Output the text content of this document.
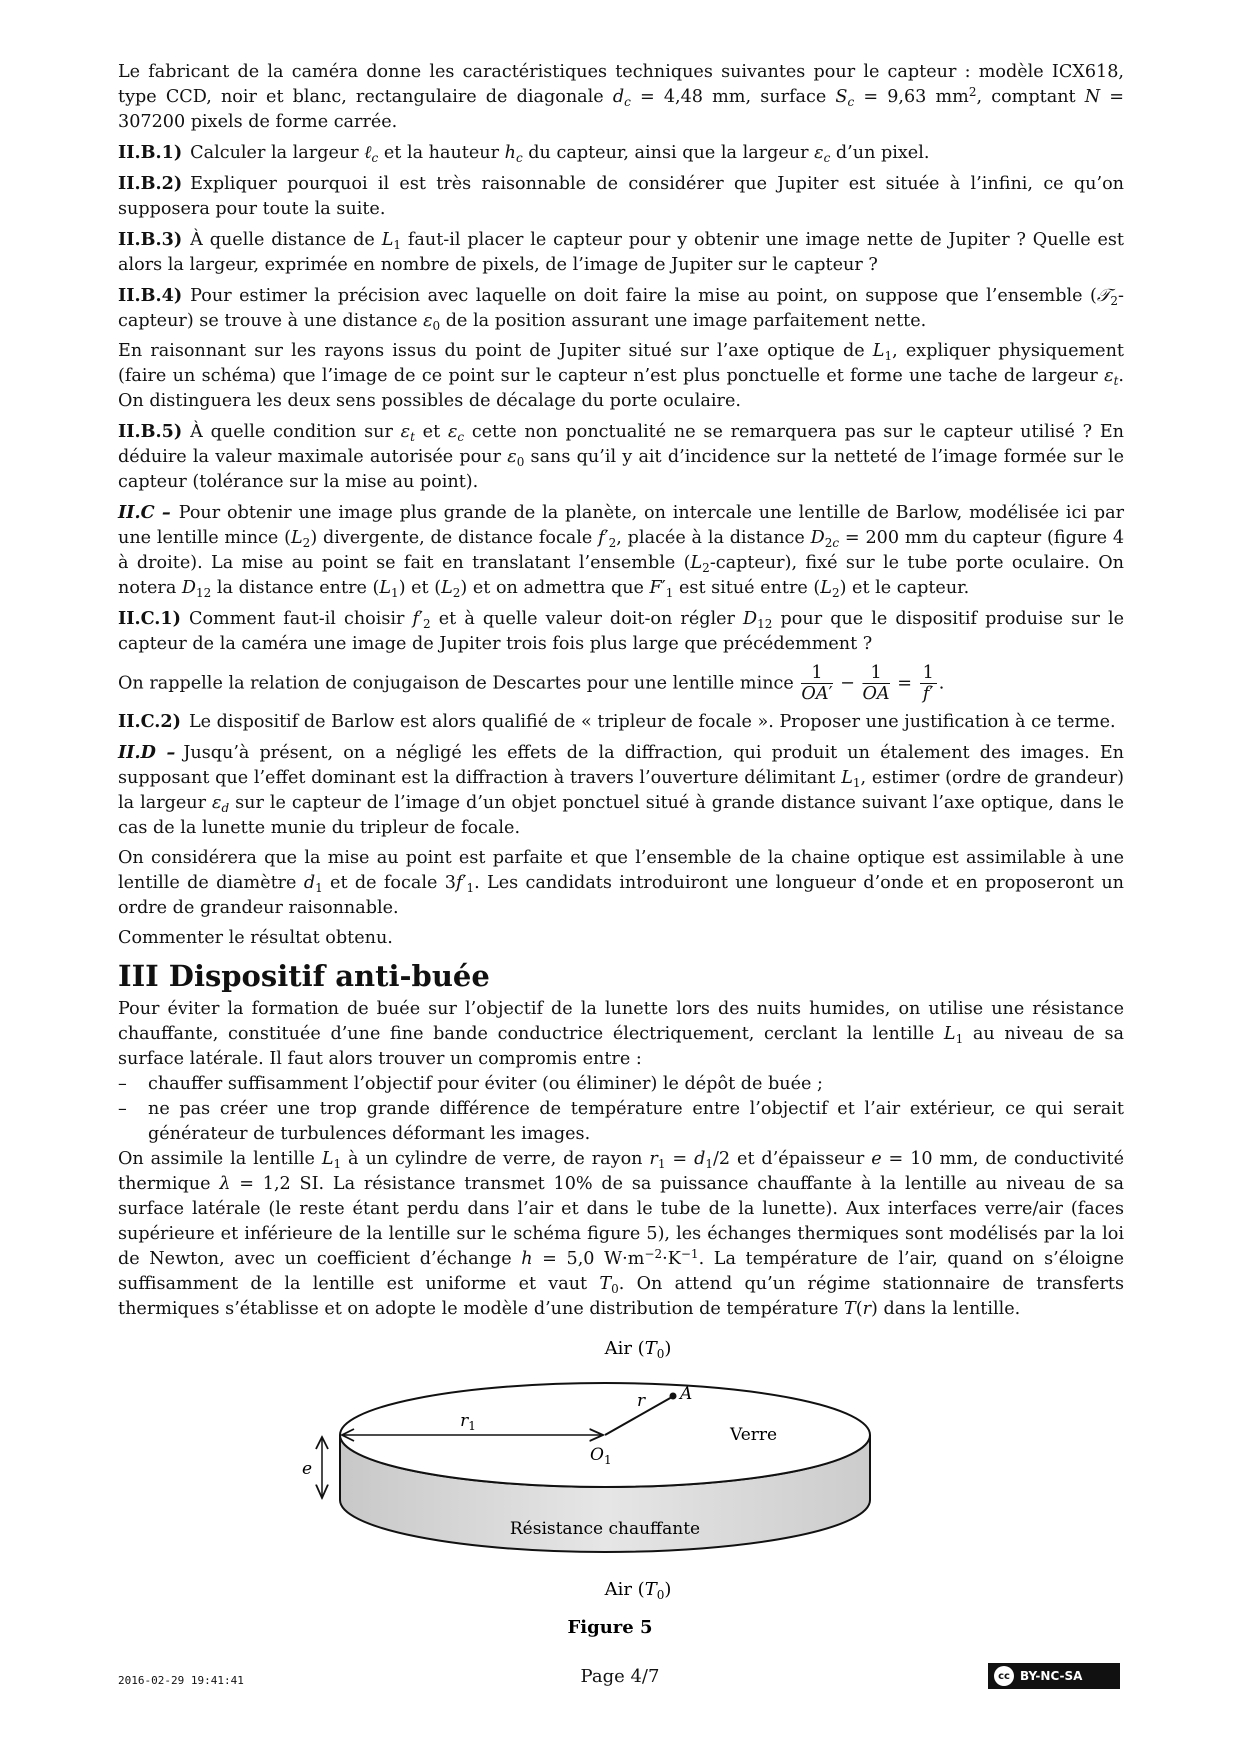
Le fabricant de la caméra donne les caractéristiques techniques suivantes pour le capteur : modèle ICX618, type CCD, noir et blanc, rectangulaire de diagonale $d_c = 4,48$ mm, surface $S_c = 9,63$ $mm^2$, comptant N = 307200 pixels de forme carrée.

II.B.1) Calculer la largeur ℓ$_c$ et la hauteur $h_c$ du capteur, ainsi que la largeur $\varepsilon_c$ d’un pixel.

II.B.2) Expliquer pourquoi il est très raisonnable de considérer que Jupiter est située à l’infini, ce qu’on supposera pour toute la suite.

II.B.3) À quelle distance de $L_1$ faut-il placer le capteur pour y obtenir une image nette de Jupiter ? Quelle est alors la largeur, exprimée en nombre de pixels, de l’image de Jupiter sur le capteur ?

II.B.4) Pour estimer la précision avec laquelle on doit faire la mise au point, on suppose que l’ensemble (𝒯$_2$-capteur) se trouve à une distance $\varepsilon_0$ de la position assurant une image parfaitement nette.

En raisonnant sur les rayons issus du point de Jupiter situé sur l’axe optique de $L_1$, expliquer physiquement (faire un schéma) que l’image de ce point sur le capteur n’est plus ponctuelle et forme une tache de largeur $\varepsilon_t$. On distinguera les deux sens possibles de décalage du porte oculaire.

II.B.5) À quelle condition sur $\varepsilon_t$ et $\varepsilon_c$ cette non ponctualité ne se remarquera pas sur le capteur utilisé ? En déduire la valeur maximale autorisée pour $\varepsilon_0$ sans qu’il y ait d’incidence sur la netteté de l’image formée sur le capteur (tolérance sur la mise au point).

II.C – Pour obtenir une image plus grande de la planète, on intercale une lentille de Barlow, modélisée ici par une lentille mince $(L_2)$ divergente, de distance focale $f'_2$, placée à la distance $D_{2c} = 200$ mm du capteur (figure 4 à droite). La mise au point se fait en translatant l’ensemble $(L_2-capteur)$, fixé sur le tube porte oculaire. On notera $D_{12}$ la distance entre $(L_1)$ et $(L_2)$ et on admettra que $F'_1$ est situé entre $(L_2)$ et le capteur.

II.C.1) Comment faut-il choisir $f'_2$ et à quelle valeur doit-on régler $D_{12}$ pour que le dispositif produise sur le capteur de la caméra une image de Jupiter trois fois plus large que précédemment ?

On rappelle la relation de conjugaison de Descartes pour une lentille mince $\frac{1}{OA'} - \frac{1}{OA} = \frac{1}{f'}$ .

II.C.2) Le dispositif de Barlow est alors qualifié de « tripleur de focale ». Proposer une justification à ce terme.

II.D – Jusqu’à présent, on a négligé les effets de la diffraction, qui produit un étalement des images. En supposant que l’effet dominant est la diffraction à travers l’ouverture délimitant $L_1$, estimer (ordre de grandeur) la largeur $\varepsilon_d$ sur le capteur de l’image d’un objet ponctuel situé à grande distance suivant l’axe optique, dans le cas de la lunette munie du tripleur de focale.

On considérera que la mise au point est parfaite et que l’ensemble de la chaine optique est assimilable à une lentille de diamètre $d_1$ et de focale $3f'_1$. Les candidats introduiront une longueur d’onde et en proposeront un ordre de grandeur raisonnable.

Commenter le résultat obtenu.

III Dispositif anti-buée

Pour éviter la formation de buée sur l’objectif de la lunette lors des nuits humides, on utilise une résistance chauffante, constituée d’une fine bande conductrice électriquement, cerclant la lentille $L_1$ au niveau de sa surface latérale. Il faut alors trouver un compromis entre :

– chauffer suffisamment l’objectif pour éviter (ou éliminer) le dépôt de buée ;

– ne pas créer une trop grande différence de température entre l’objectif et l’air extérieur, ce qui serait générateur de turbulences déformant les images.

On assimile la lentille $L_1$ à un cylindre de verre, de rayon $r_1 = d_1/2$ et d’épaisseur e = 10 mm, de conductivité thermique λ = 1,2 SI. La résistance transmet 10% de sa puissance chauffante à la lentille au niveau de sa surface latérale (le reste étant perdu dans l’air et dans le tube de la lunette). Aux interfaces verre/air (faces supérieure et inférieure de la lentille sur le schéma figure 5), les échanges thermiques sont modélisés par la loi de Newton, avec un coefficient d’échange h = 5,0 $W\cdot m^{-2}\cdot K^{-1}$. La température de l’air, quand on s’éloigne suffisamment de la lentille est uniforme et vaut $T_0$. On attend qu’un régime stationnaire de transferts thermiques s’établisse et on adopte le modèle d’une distribution de température T(r) dans la lentille.

Air $(T_0)$
$r_1$
r A
$O_1$
Verre
e
Résistance chauffante
Air $(T_0)$
Figure 5
2016-02-29 19:41:41	Page 4/7	cc BY-NC-SA
